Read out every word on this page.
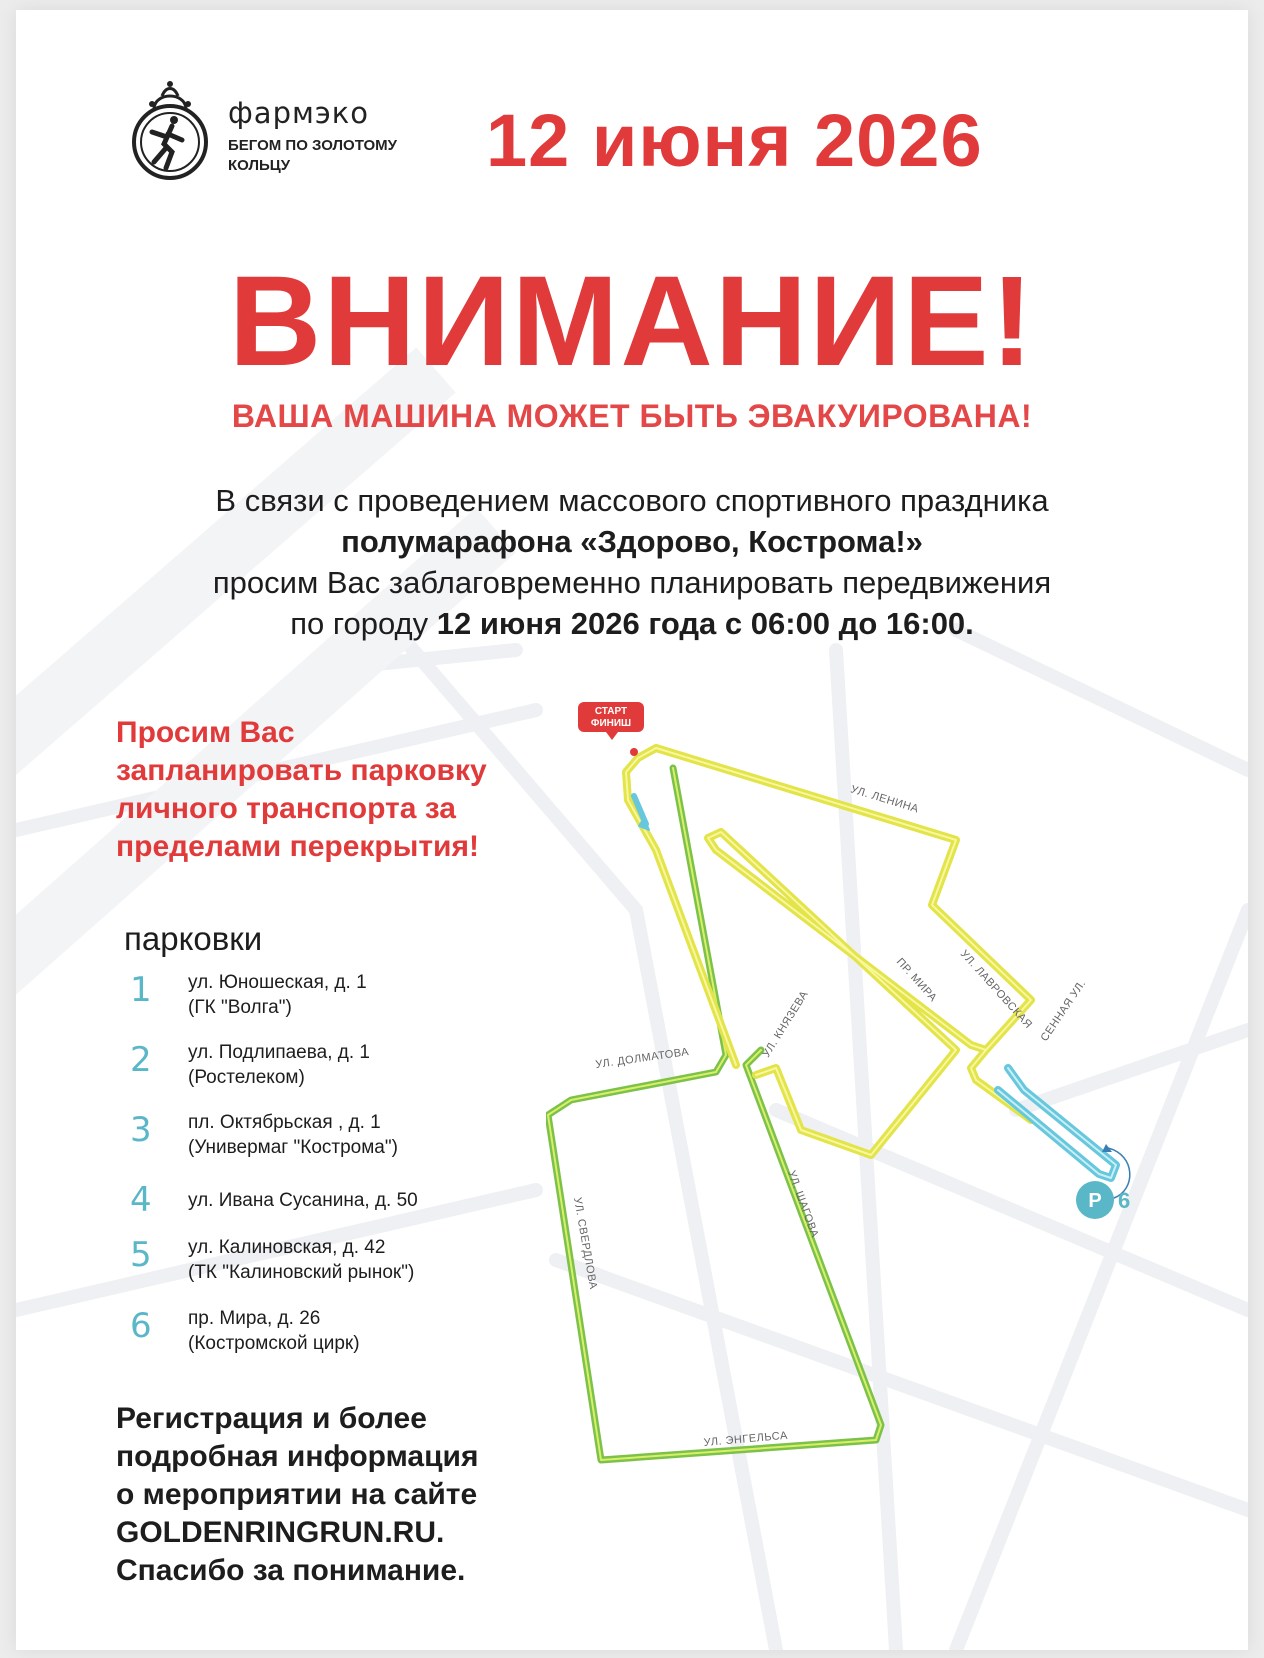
фармэко
БЕГОМ ПО ЗОЛОТОМУ
КОЛЬЦУ	12 июня 2026
ВНИМАНИЕ!
ВАША МАШИНА МОЖЕТ БЫТЬ ЭВАКУИРОВАНА!
В связи с проведением массового спортивного праздника
полумарафона «Здорово, Кострома!»
просим Вас заблаговременно планировать передвижения
по городу 12 июня 2026 года с 06:00 до 16:00.
Просим Вас
запланировать парковку
личного транспорта за
пределами перекрытия!
парковки
1 ул. Юношеская, д. 1
(ГК "Волга")
2 ул. Подлипаева, д. 1
(Ростелеком)
3 пл. Октябрьская , д. 1
(Универмаг "Кострома")
4 ул. Ивана Сусанина, д. 50
5 ул. Калиновская, д. 42
(ТК "Калиновский рынок")
6 пр. Мира, д. 26
(Костромской цирк)
Регистрация и более
подробная информация
о мероприятии на сайте
GOLDENRINGRUN.RU.
Спасибо за понимание.
СТАРТ
ФИНИШ
P 6
УЛ. ЛЕНИНА
УЛ. ЛАВРОВСКАЯ СЕННАЯ УЛ.
ПР. МИРА
УЛ. КНЯЗЕВА
УЛ. ДОЛМАТОВА
УЛ. СВЕРДЛОВА	УЛ. ШАГОВА
УЛ. ЭНГЕЛЬСА
